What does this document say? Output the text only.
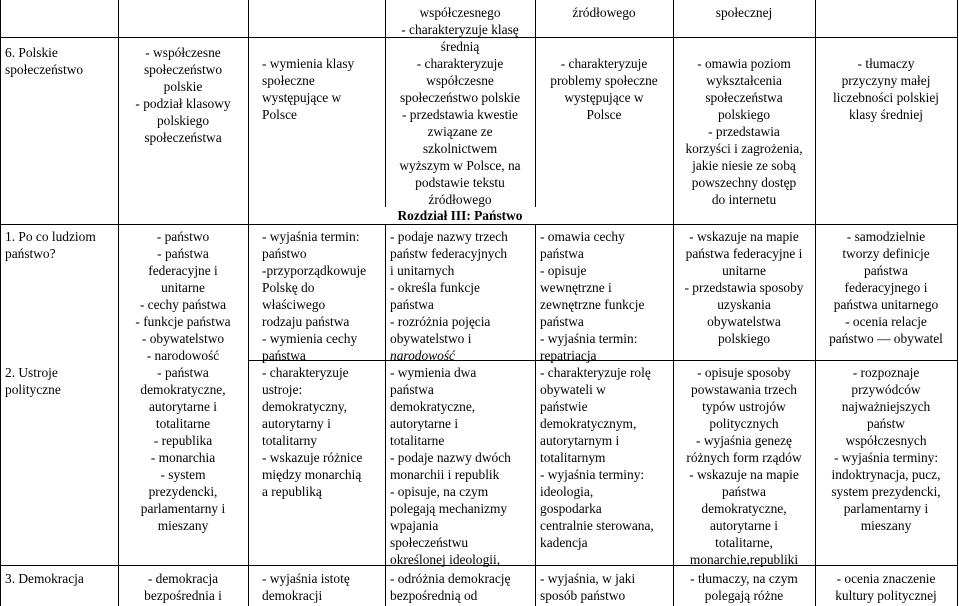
współczesnego
- charakteryzuje klasę
średnią
źródłowego	społecznej
6. Polskie
społeczeństwo
- współczesne
społeczeństwo
polskie
- podział klasowy
polskiego
społeczeństwa
- wymienia klasy
społeczne
występujące w
Polsce
- charakteryzuje
współczesne
społeczeństwo polskie
- przedstawia kwestie
związane ze
szkolnictwem
wyższym w Polsce, na
podstawie tekstu
źródłowego
- charakteryzuje
problemy społeczne
występujące w
Polsce
- omawia poziom
wykształcenia
społeczeństwa
polskiego
- przedstawia
korzyści i zagrożenia,
jakie niesie ze sobą
powszechny dostęp
do internetu
- tłumaczy
przyczyny małej
liczebności polskiej
klasy średniej
Rozdział III: Państwo
1. Po co ludziom
państwo?
- państwo
- państwa
federacyjne i
unitarne
- cechy państwa
- funkcje państwa
- obywatelstwo
- narodowość
- wyjaśnia termin:
państwo
-przyporządkowuje
Polskę do
właściwego
rodzaju państwa
- wymienia cechy
państwa
- podaje nazwy trzech
państw federacyjnych
i unitarnych
- określa funkcje
państwa
- rozróżnia pojęcia
obywatelstwo i
narodowość
- omawia cechy
państwa
- opisuje
wewnętrzne i
zewnętrzne funkcje
państwa
- wyjaśnia termin:
repatriacja
- wskazuje na mapie
państwa federacyjne i
unitarne
- przedstawia sposoby
uzyskania
obywatelstwa
polskiego
- samodzielnie
tworzy definicje
państwa
federacyjnego i
państwa unitarnego
- ocenia relacje
państwo — obywatel
2. Ustroje
polityczne
- państwa
demokratyczne,
autorytarne i
totalitarne
- republika
- monarchia
- system
prezydencki,
parlamentarny i
mieszany
- charakteryzuje
ustroje:
demokratyczny,
autorytarny i
totalitarny
- wskazuje różnice
między monarchią
a republiką
- wymienia dwa
państwa
demokratyczne,
autorytarne i
totalitarne
- podaje nazwy dwóch
monarchii i republik
- opisuje, na czym
polegają mechanizmy
wpajania
społeczeństwu
określonej ideologii,
- charakteryzuje rolę
obywateli w
państwie
demokratycznym,
autorytarnym i
totalitarnym
- wyjaśnia terminy:
ideologia,
gospodarka
centralnie sterowana,
kadencja
- opisuje sposoby
powstawania trzech
typów ustrojów
politycznych
- wyjaśnia genezę
różnych form rządów
- wskazuje na mapie
państwa
demokratyczne,
autorytarne i
totalitarne,
monarchie,republiki
- rozpoznaje
przywódców
najważniejszych
państw
współczesnych
- wyjaśnia terminy:
indoktrynacja, pucz,
system prezydencki,
parlamentarny i
mieszany
3. Demokracja	- demokracja
bezpośrednia i
- wyjaśnia istotę
demokracji
- odróżnia demokrację
bezpośrednią od
- wyjaśnia, w jaki
sposób państwo
- tłumaczy, na czym
polegają różne
- ocenia znaczenie
kultury politycznej
